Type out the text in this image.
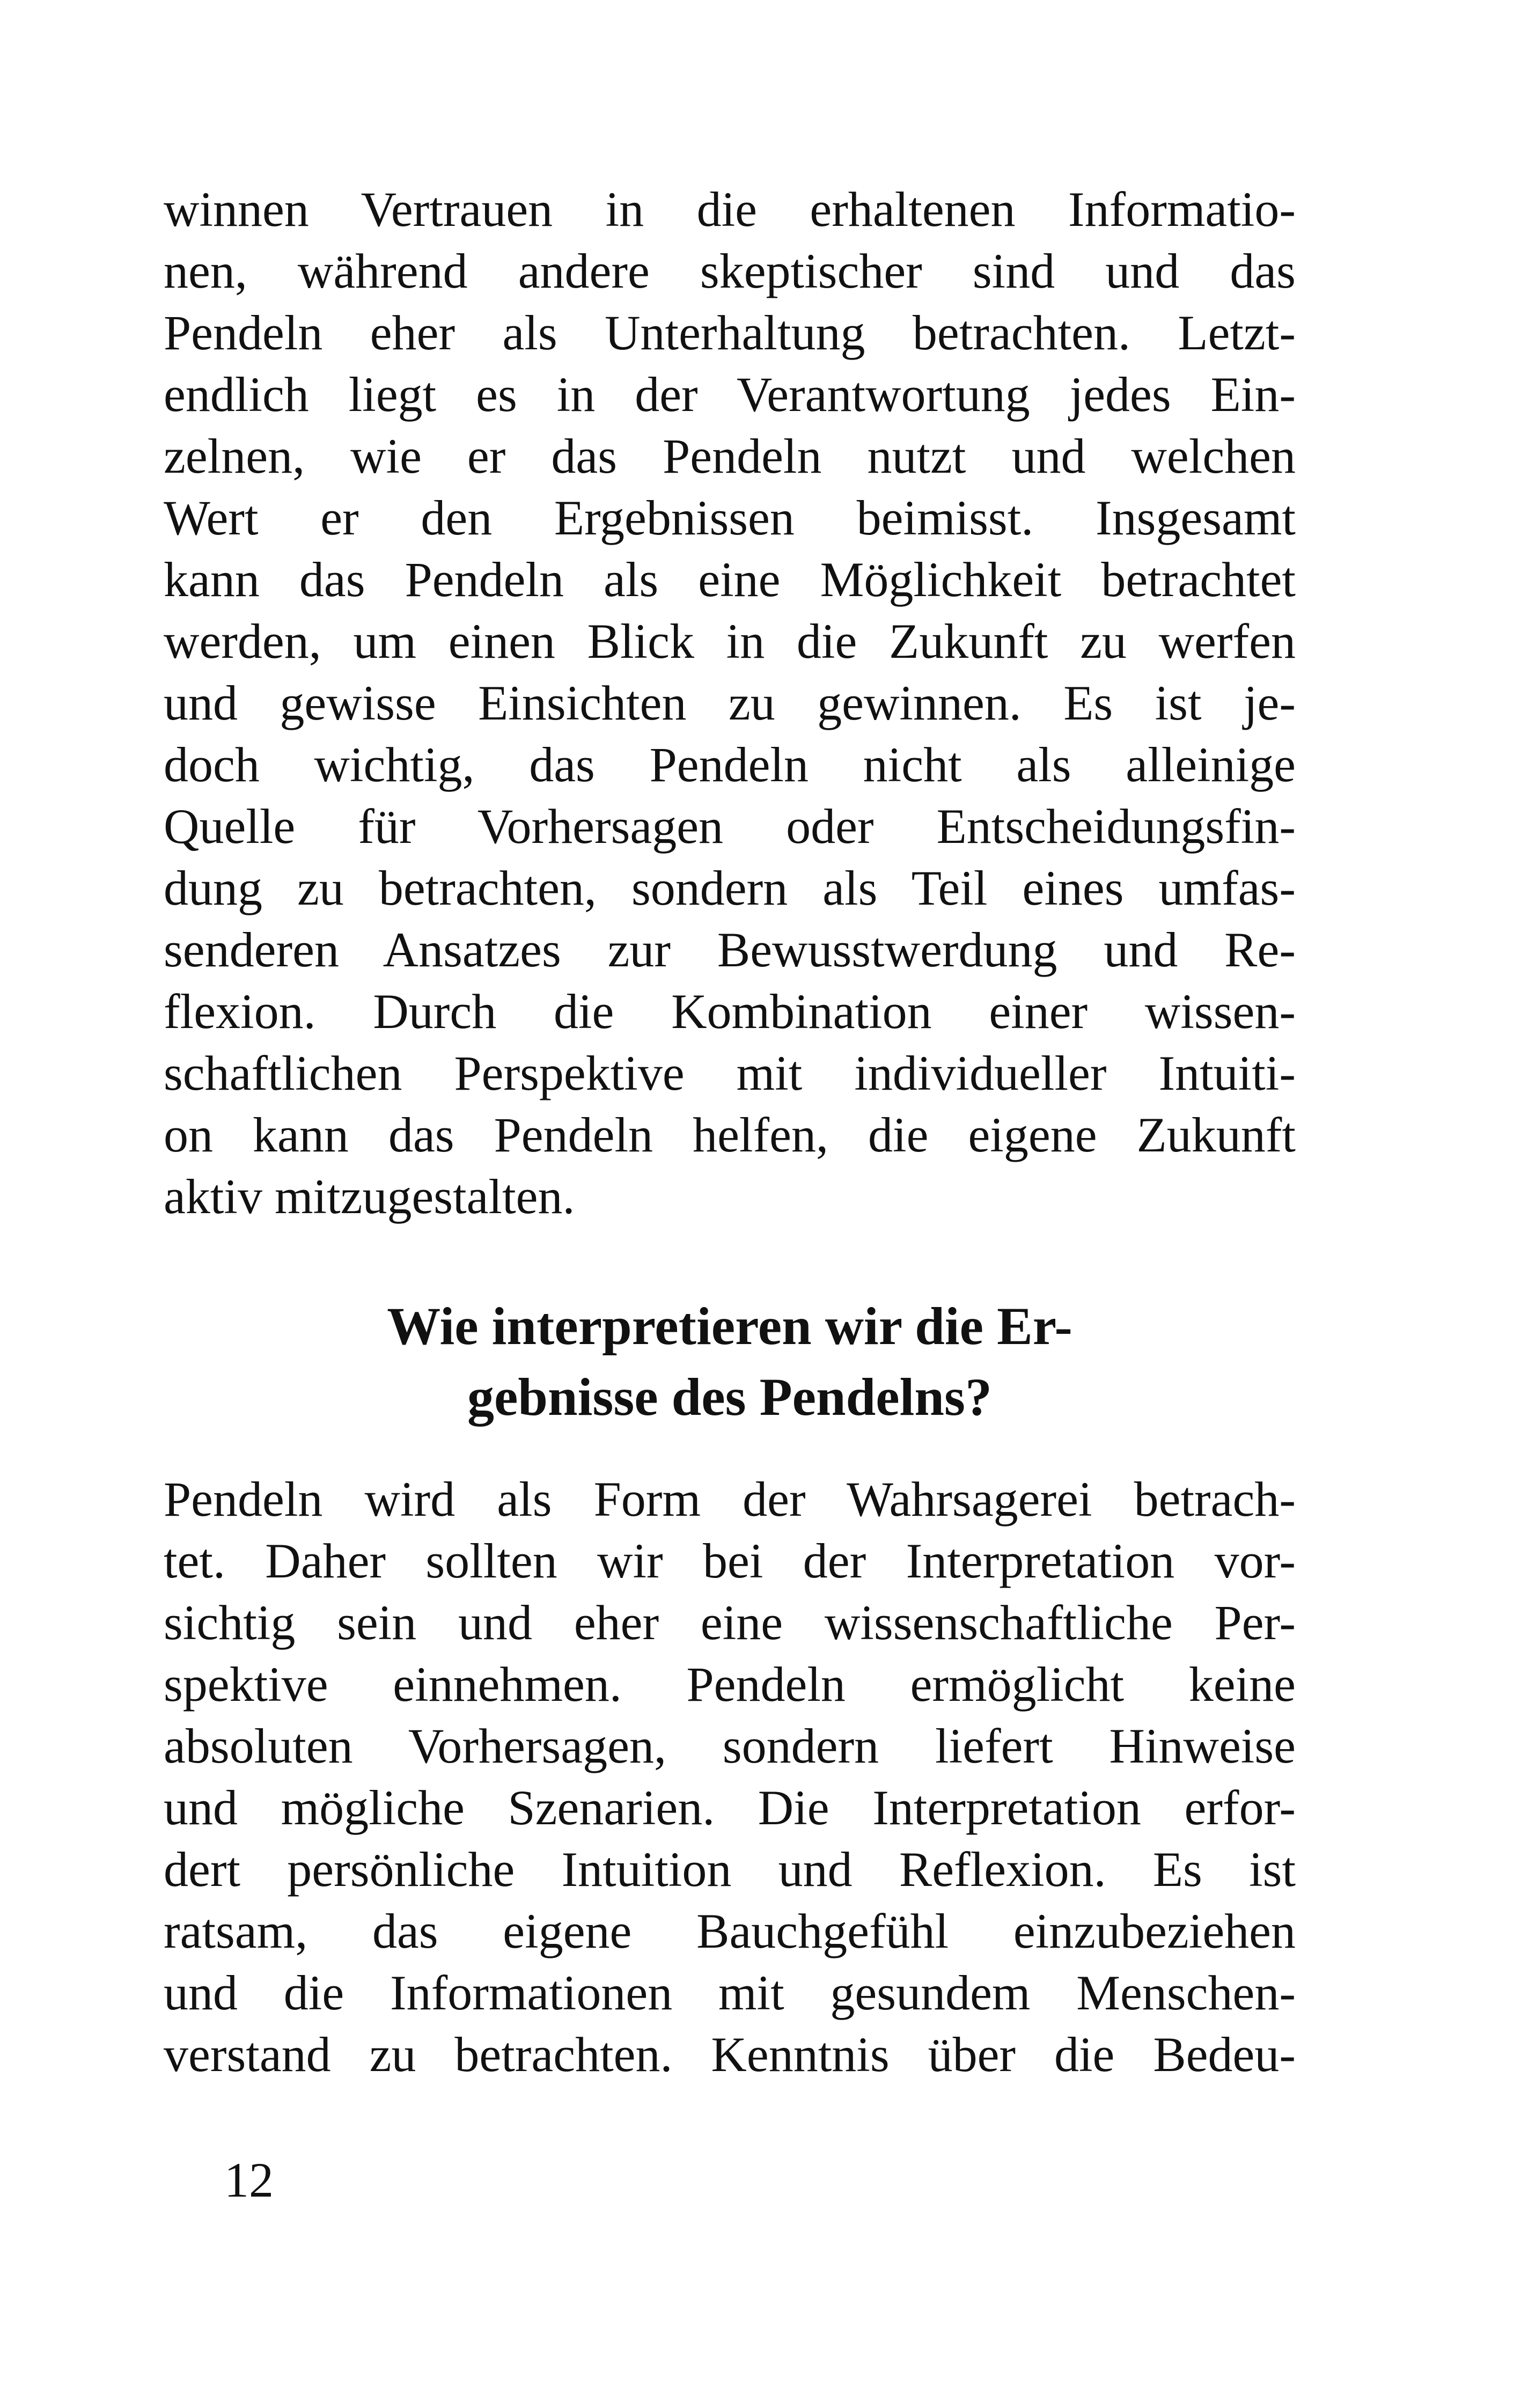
winnen Vertrauen in die erhaltenen Informatio-
nen, während andere skeptischer sind und das
Pendeln eher als Unterhaltung betrachten. Letzt-
endlich liegt es in der Verantwortung jedes Ein-
zelnen, wie er das Pendeln nutzt und welchen
Wert er den Ergebnissen beimisst. Insgesamt
kann das Pendeln als eine Möglichkeit betrachtet
werden, um einen Blick in die Zukunft zu werfen
und gewisse Einsichten zu gewinnen. Es ist je-
doch wichtig, das Pendeln nicht als alleinige
Quelle für Vorhersagen oder Entscheidungsfin-
dung zu betrachten, sondern als Teil eines umfas-
senderen Ansatzes zur Bewusstwerdung und Re-
flexion. Durch die Kombination einer wissen-
schaftlichen Perspektive mit individueller Intuiti-
on kann das Pendeln helfen, die eigene Zukunft
aktiv mitzugestalten.
Wie interpretieren wir die Er-
gebnisse des Pendelns?
Pendeln wird als Form der Wahrsagerei betrach-
tet. Daher sollten wir bei der Interpretation vor-
sichtig sein und eher eine wissenschaftliche Per-
spektive einnehmen. Pendeln ermöglicht keine
absoluten Vorhersagen, sondern liefert Hinweise
und mögliche Szenarien. Die Interpretation erfor-
dert persönliche Intuition und Reflexion. Es ist
ratsam, das eigene Bauchgefühl einzubeziehen
und die Informationen mit gesundem Menschen-
verstand zu betrachten. Kenntnis über die Bedeu-
12
